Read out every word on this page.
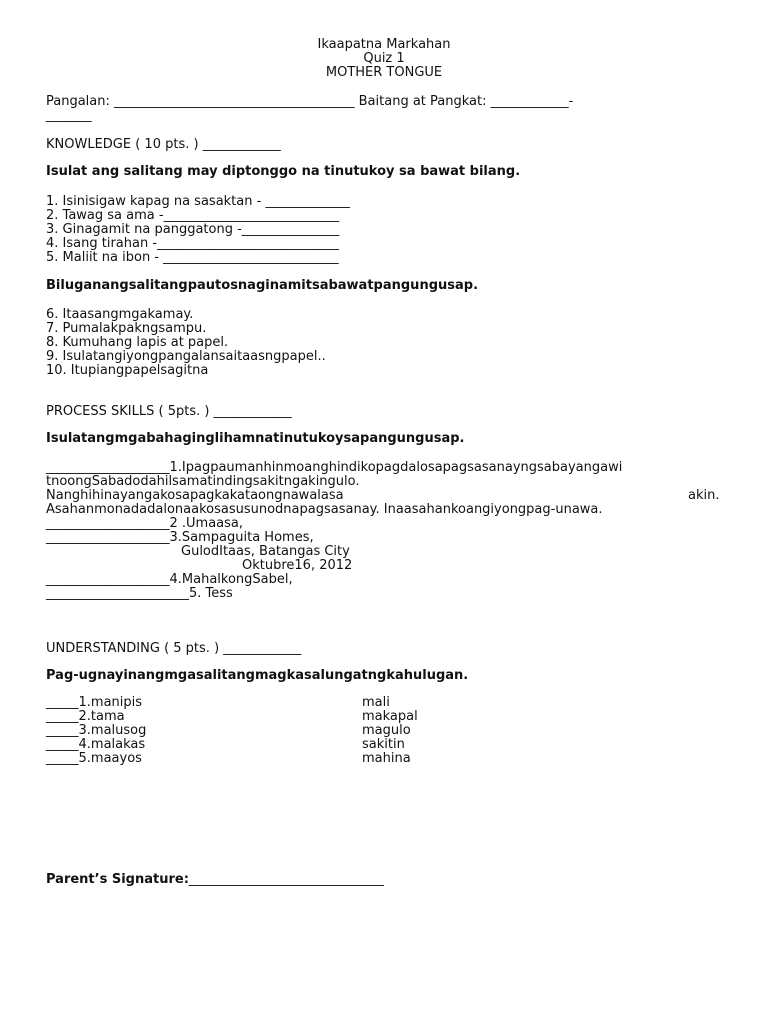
Ikaapatna Markahan
Quiz 1
MOTHER TONGUE
Pangalan: _____________________________________ Baitang at Pangkat: ____________-
_______
KNOWLEDGE ( 10 pts. ) ____________
Isulat ang salitang may diptonggo na tinutukoy sa bawat bilang.
1. Isinisigaw kapag na sasaktan - _____________
2. Tawag sa ama -___________________________
3. Ginagamit na panggatong -_______________
4. Isang tirahan -____________________________
5. Maliit na ibon - ___________________________
Biluganangsalitangpautosnaginamitsabawatpangungusap.
6. Itaasangmgakamay.
7. Pumalakpakngsampu.
8. Kumuhang lapis at papel.
9. Isulatangiyongpangalansaitaasngpapel..
10. Itupiangpapelsagitna
PROCESS SKILLS ( 5pts. ) ____________
Isulatangmgabahaginglihamnatinutukoysapangungusap.
___________________1.Ipagpaumanhinmoanghindikopagdalosapagsasanayngsabayangawi
tnoongSabadodahilsamatindingsakitngakingulo.
Nanghihinayangakosapagkakataongnawalasa	akin.
Asahanmonadadalonaakosasusunodnapagsasanay. Inaasahankoangiyongpag-unawa.
___________________2 .Umaasa,
___________________3.Sampaguita Homes,
GulodItaas, Batangas City
Oktubre16, 2012
___________________4.MahalkongSabel,
______________________5. Tess
UNDERSTANDING ( 5 pts. ) ____________
Pag-ugnayinangmgasalitangmagkasalungatngkahulugan.
_____1.manipis
_____2.tama
_____3.malusog
_____4.malakas
_____5.maayos
mali
makapal
magulo
sakitin
mahina
Parent’s Signature:______________________________
